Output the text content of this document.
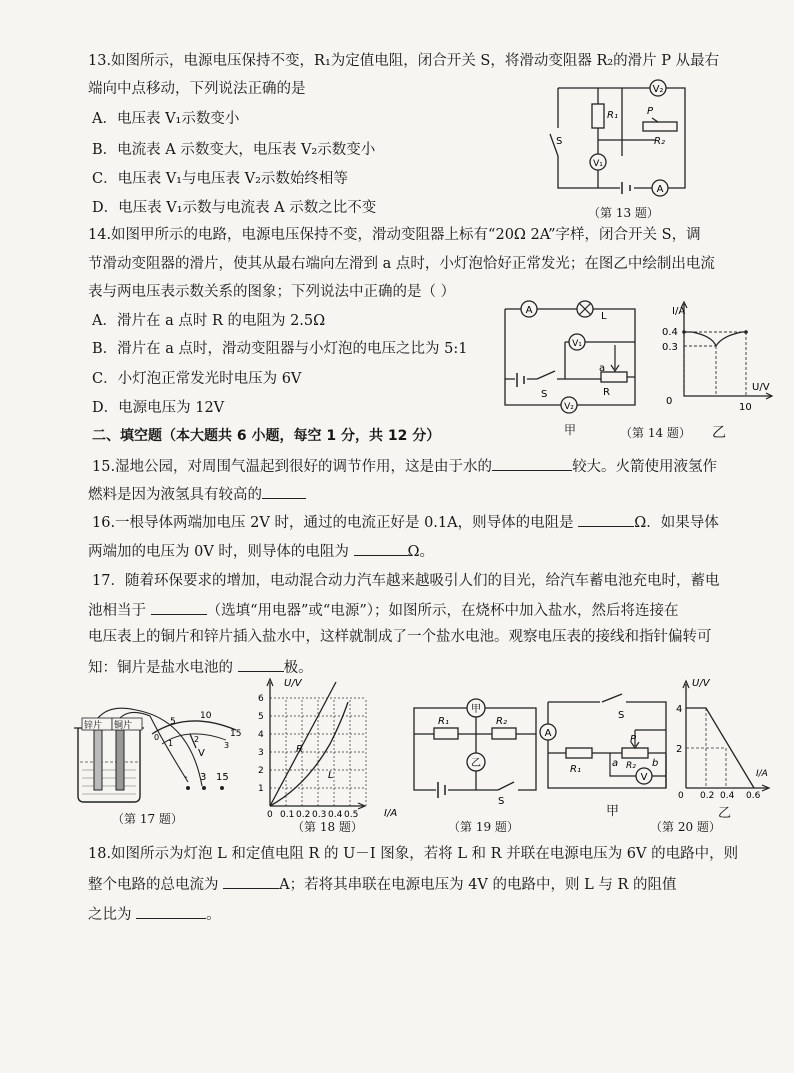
13.如图所示，电源电压保持不变，R₁为定值电阻，闭合开关 S，将滑动变阻器 R₂的滑片 P 从最右
端向中点移动，下列说法正确的是
A．电压表 V₁示数变小
B．电流表 A 示数变大，电压表 V₂示数变小
C．电压表 V₁与电压表 V₂示数始终相等
D．电压表 V₁示数与电流表 A 示数之比不变
V₂
R₁	P
R₂
S
V₁
A
（第 13 题）
14.如图甲所示的电路，电源电压保持不变，滑动变阻器上标有“20Ω 2A”字样，闭合开关 S，调
节滑动变阻器的滑片，使其从最右端向左滑到 a 点时，小灯泡恰好正常发光；在图乙中绘制出电流
表与两电压表示数关系的图象；下列说法中正确的是（ ）
A．滑片在 a 点时 R 的电阻为 2.5Ω
B．滑片在 a 点时，滑动变阻器与小灯泡的电压之比为 5:1
C．小灯泡正常发光时电压为 6V
D．电源电压为 12V
A
L
V₁
S
a
R
V₂
甲
I/A
U/V
0.4
0.3
0
10
（第 14 题） 乙
二、填空题（本大题共 6 小题，每空 1 分，共 12 分）
15.湿地公园，对周围气温起到很好的调节作用，这是由于水的	较大。火箭使用液氢作
燃料是因为液氢具有较高的
16.一根导体两端加电压 2V 时，通过的电流正好是 0.1A，则导体的电阻是	Ω．如果导体
两端加的电压为 0V 时，则导体的电阻为	Ω。
17．随着环保要求的增加，电动混合动力汽车越来越吸引人们的目光，给汽车蓄电池充电时，蓄电
池相当于	（选填“用电器”或“电源”）；如图所示，在烧杯中加入盐水，然后将连接在
电压表上的铜片和锌片插入盐水中，这样就制成了一个盐水电池。观察电压表的接线和指针偏转可
知：铜片是盐水电池的	极。
锌片 铜片	5
10
15
0
1	2
3
V
- 3 15
（第 17 题）
U/V
I/A
R
L
6
5
4
3
2
1
0 0.1 0.2 0.3 0.4 0.5
（第 18 题）
甲
R₁	R₂
乙
S
（第 19 题）
S
A
R₁
a
P
R₂ b
V
甲
U/V
4
2
0 0.2 0.4 0.6
I/A
乙
（第 20 题）
18.如图所示为灯泡 L 和定值电阻 R 的 U－I 图象，若将 L 和 R 并联在电源电压为 6V 的电路中，则
整个电路的总电流为	A；若将其串联在电源电压为 4V 的电路中，则 L 与 R 的阻值
之比为	。
